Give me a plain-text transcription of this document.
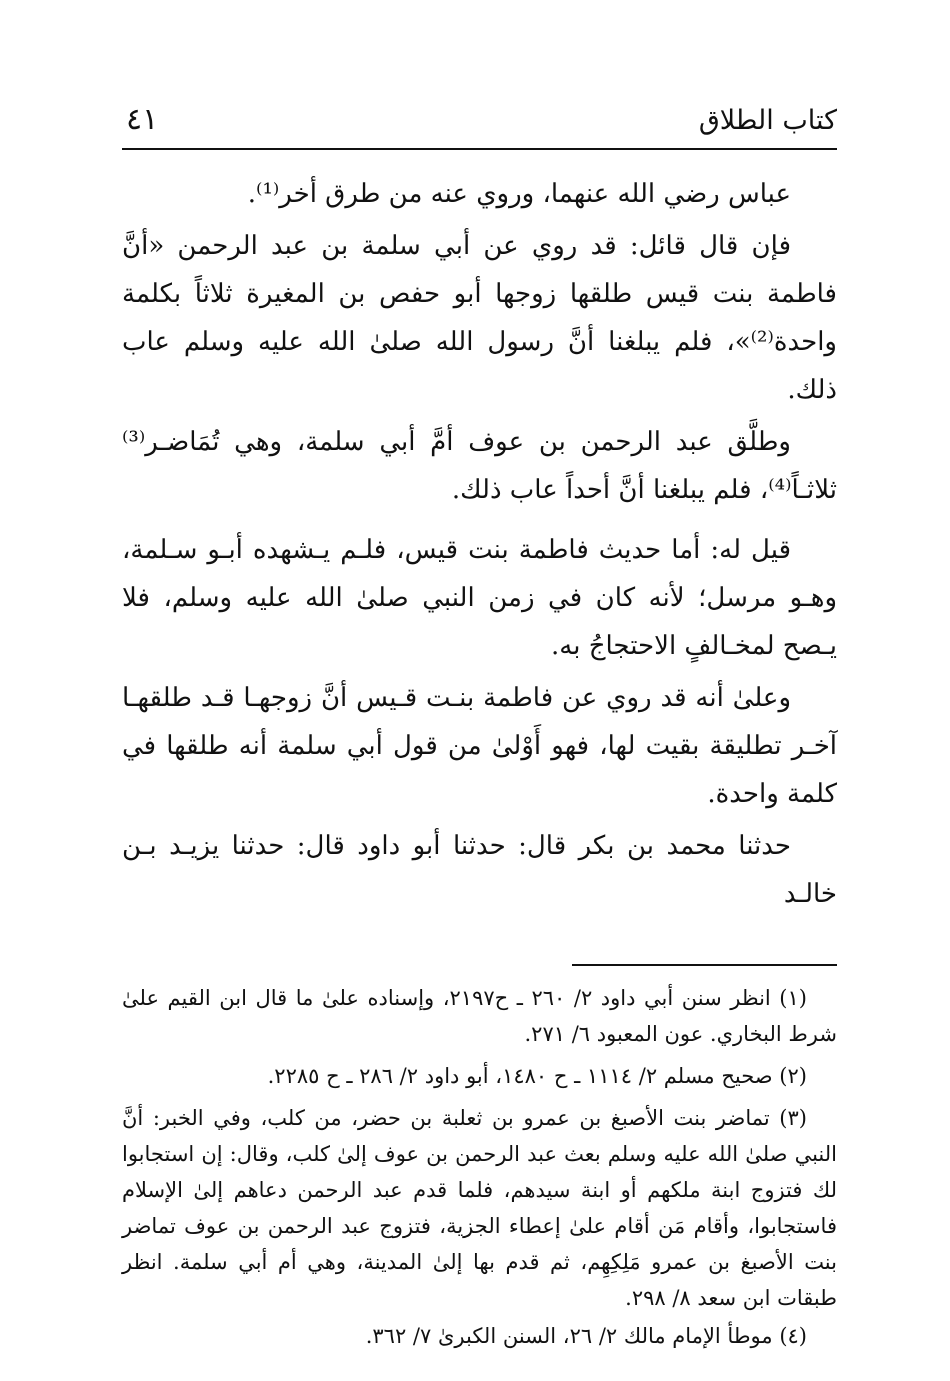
كتاب الطلاق
٤١

عباس رضي الله عنهما، وروي عنه من طرق أخر⁽¹⁾.

فإن قال قائل: قد روي عن أبي سلمة بن عبد الرحمن «أنَّ فاطمة بنت قيس طلقها زوجها أبو حفص بن المغيرة ثلاثاً بكلمة واحدة⁽²⁾»، فلم يبلغنا أنَّ رسول الله صلىٰ الله عليه وسلم عاب ذلك.

وطلَّق عبد الرحمن بن عوف أمَّ أبي سلمة، وهي تُمَاضـر⁽³⁾ ثلاثـاً⁽⁴⁾، فلم يبلغنا أنَّ أحداً عاب ذلك.

قيل له: أما حديث فاطمة بنت قيس، فلـم يـشهده أبـو سـلمة، وهـو مرسل؛ لأنه كان في زمن النبي صلىٰ الله عليه وسلم، فلا يـصح لمخـالفٍ الاحتجاجُ به.

وعلىٰ أنه قد روي عن فاطمة بنـت قـيس أنَّ زوجهـا قـد طلقهـا آخـر تطليقة بقيت لها، فهو أَوْلىٰ من قول أبي سلمة أنه طلقها في كلمة واحدة.

حدثنا محمد بن بكر قال: حدثنا أبو داود قال: حدثنا يزيـد بـن خالـد

(١) انظر سنن أبي داود ٢/ ٢٦٠ ـ ح٢١٩٧، وإسناده علىٰ ما قال ابن القيم علىٰ شرط البخاري. عون المعبود ٦/ ٢٧١.

(٢) صحيح مسلم ٢/ ١١١٤ ـ ح ١٤٨٠، أبو داود ٢/ ٢٨٦ ـ ح ٢٢٨٥.

(٣) تماضر بنت الأصبغ بن عمرو بن ثعلبة بن حضر، من كلب، وفي الخبر: أنَّ النبي صلىٰ الله عليه وسلم بعث عبد الرحمن بن عوف إلىٰ كلب، وقال: إن استجابوا لك فتزوج ابنة ملكهم أو ابنة سيدهم، فلما قدم عبد الرحمن دعاهم إلىٰ الإسلام فاستجابوا، وأقام مَن أقام علىٰ إعطاء الجزية، فتزوج عبد الرحمن بن عوف تماضر بنت الأصبغ بن عمرو مَلِكِهِم، ثم قدم بها إلىٰ المدينة، وهي أم أبي سلمة. انظر طبقات ابن سعد ٨/ ٢٩٨.

(٤) موطأ الإمام مالك ٢/ ٢٦، السنن الكبرىٰ ٧/ ٣٦٢.
